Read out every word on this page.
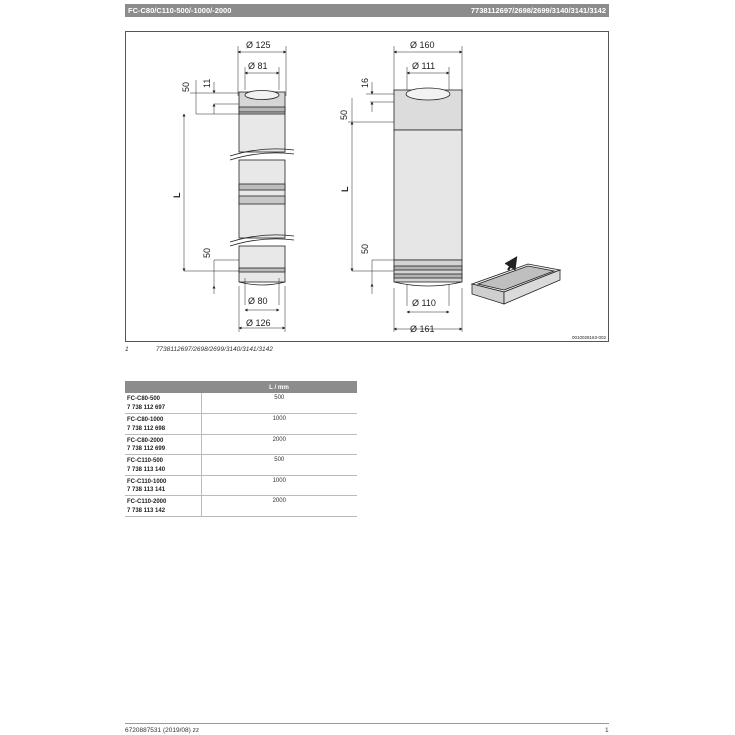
FC-C80/C110-500/-1000/-2000	7738112697/2698/2699/3140/3141/3142
Ø 125
Ø 81
50 11
L
50
Ø 80
Ø 126
Ø 160
Ø 111
16
50
L
50
Ø 110
Ø 161
0010028163-002
1	7738112697/2698/2699/3140/3141/3142
	L / mm
FC-C80-500
7 738 112 697	500
FC-C80-1000
7 738 112 698	1000
FC-C80-2000
7 738 112 699	2000
FC-C110-500
7 738 113 140	500
FC-C110-1000
7 738 113 141	1000
FC-C110-2000
7 738 113 142	2000
6720887531 (2019/08) zz	1
